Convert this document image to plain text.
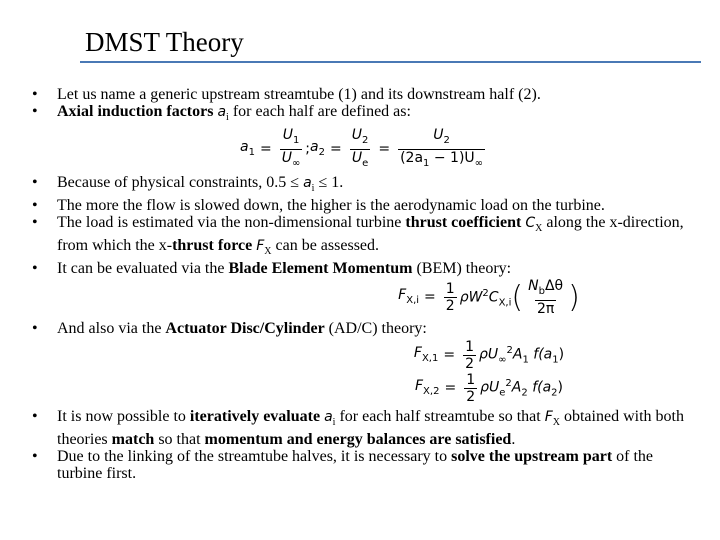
DMST Theory
•	Let us name a generic upstream streamtube (1) and its downstream half (2).
•	Axial induction factors $a_i$ for each half are defined as:
$a_1 = \frac{U_1}{U_\infty}$ ; $a_2 = \frac{U_2}{U_e} = \frac{U_2}{(2a_1 - 1)U_\infty}$
•	Because of physical constraints, $0.5 \le a_i \le 1$.
•	The more the flow is slowed down, the higher is the aerodynamic load on the turbine.
•	The load is estimated via the non-dimensional turbine thrust coefficient $C_X$ along the x-direction, from which the x-thrust force $F_X$ can be assessed.
•	It can be evaluated via the Blade Element Momentum (BEM) theory:
$F_{X,i} = \frac{1}{2} \rho W^2C_{X,i}$ ( $\frac{N_b\Delta\theta}{2\pi}$ )
•	And also via the Actuator Disc/Cylinder (AD/C) theory:
$F_{X,1} = \frac{1}{2} \rho U_\infty^2A_1$ $f(a_1)$
$F_{X,2} = \frac{1}{2} \rho U_e^2A_2$ $f(a_2)$
•	It is now possible to iteratively evaluate $a_i$ for each half streamtube so that $F_X$ obtained with both theories match so that momentum and energy balances are satisfied.
•	Due to the linking of the streamtube halves, it is necessary to solve the upstream part of the turbine first.
